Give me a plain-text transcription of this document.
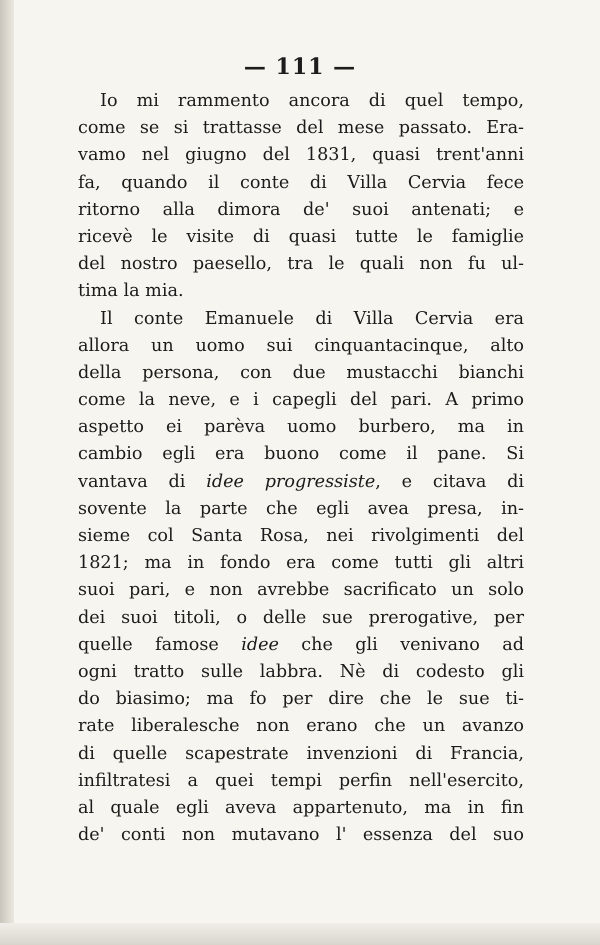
— 111 —
Io mi rammento ancora di quel tempo,
come se si trattasse del mese passato. Era-
vamo nel giugno del 1831, quasi trent'anni
fa, quando il conte di Villa Cervia fece
ritorno alla dimora de' suoi antenati; e
ricevè le visite di quasi tutte le famiglie
del nostro paesello, tra le quali non fu ul-
tima la mia.
Il conte Emanuele di Villa Cervia era
allora un uomo sui cinquantacinque, alto
della persona, con due mustacchi bianchi
come la neve, e i capegli del pari. A primo
aspetto ei parèva uomo burbero, ma in
cambio egli era buono come il pane. Si
vantava di idee progressiste, e citava di
sovente la parte che egli avea presa, in-
sieme col Santa Rosa, nei rivolgimenti del
1821; ma in fondo era come tutti gli altri
suoi pari, e non avrebbe sacrificato un solo
dei suoi titoli, o delle sue prerogative, per
quelle famose idee che gli venivano ad
ogni tratto sulle labbra. Nè di codesto gli
do biasimo; ma fo per dire che le sue ti-
rate liberalesche non erano che un avanzo
di quelle scapestrate invenzioni di Francia,
infiltratesi a quei tempi perfin nell'esercito,
al quale egli aveva appartenuto, ma in fin
de' conti non mutavano l' essenza del suo
